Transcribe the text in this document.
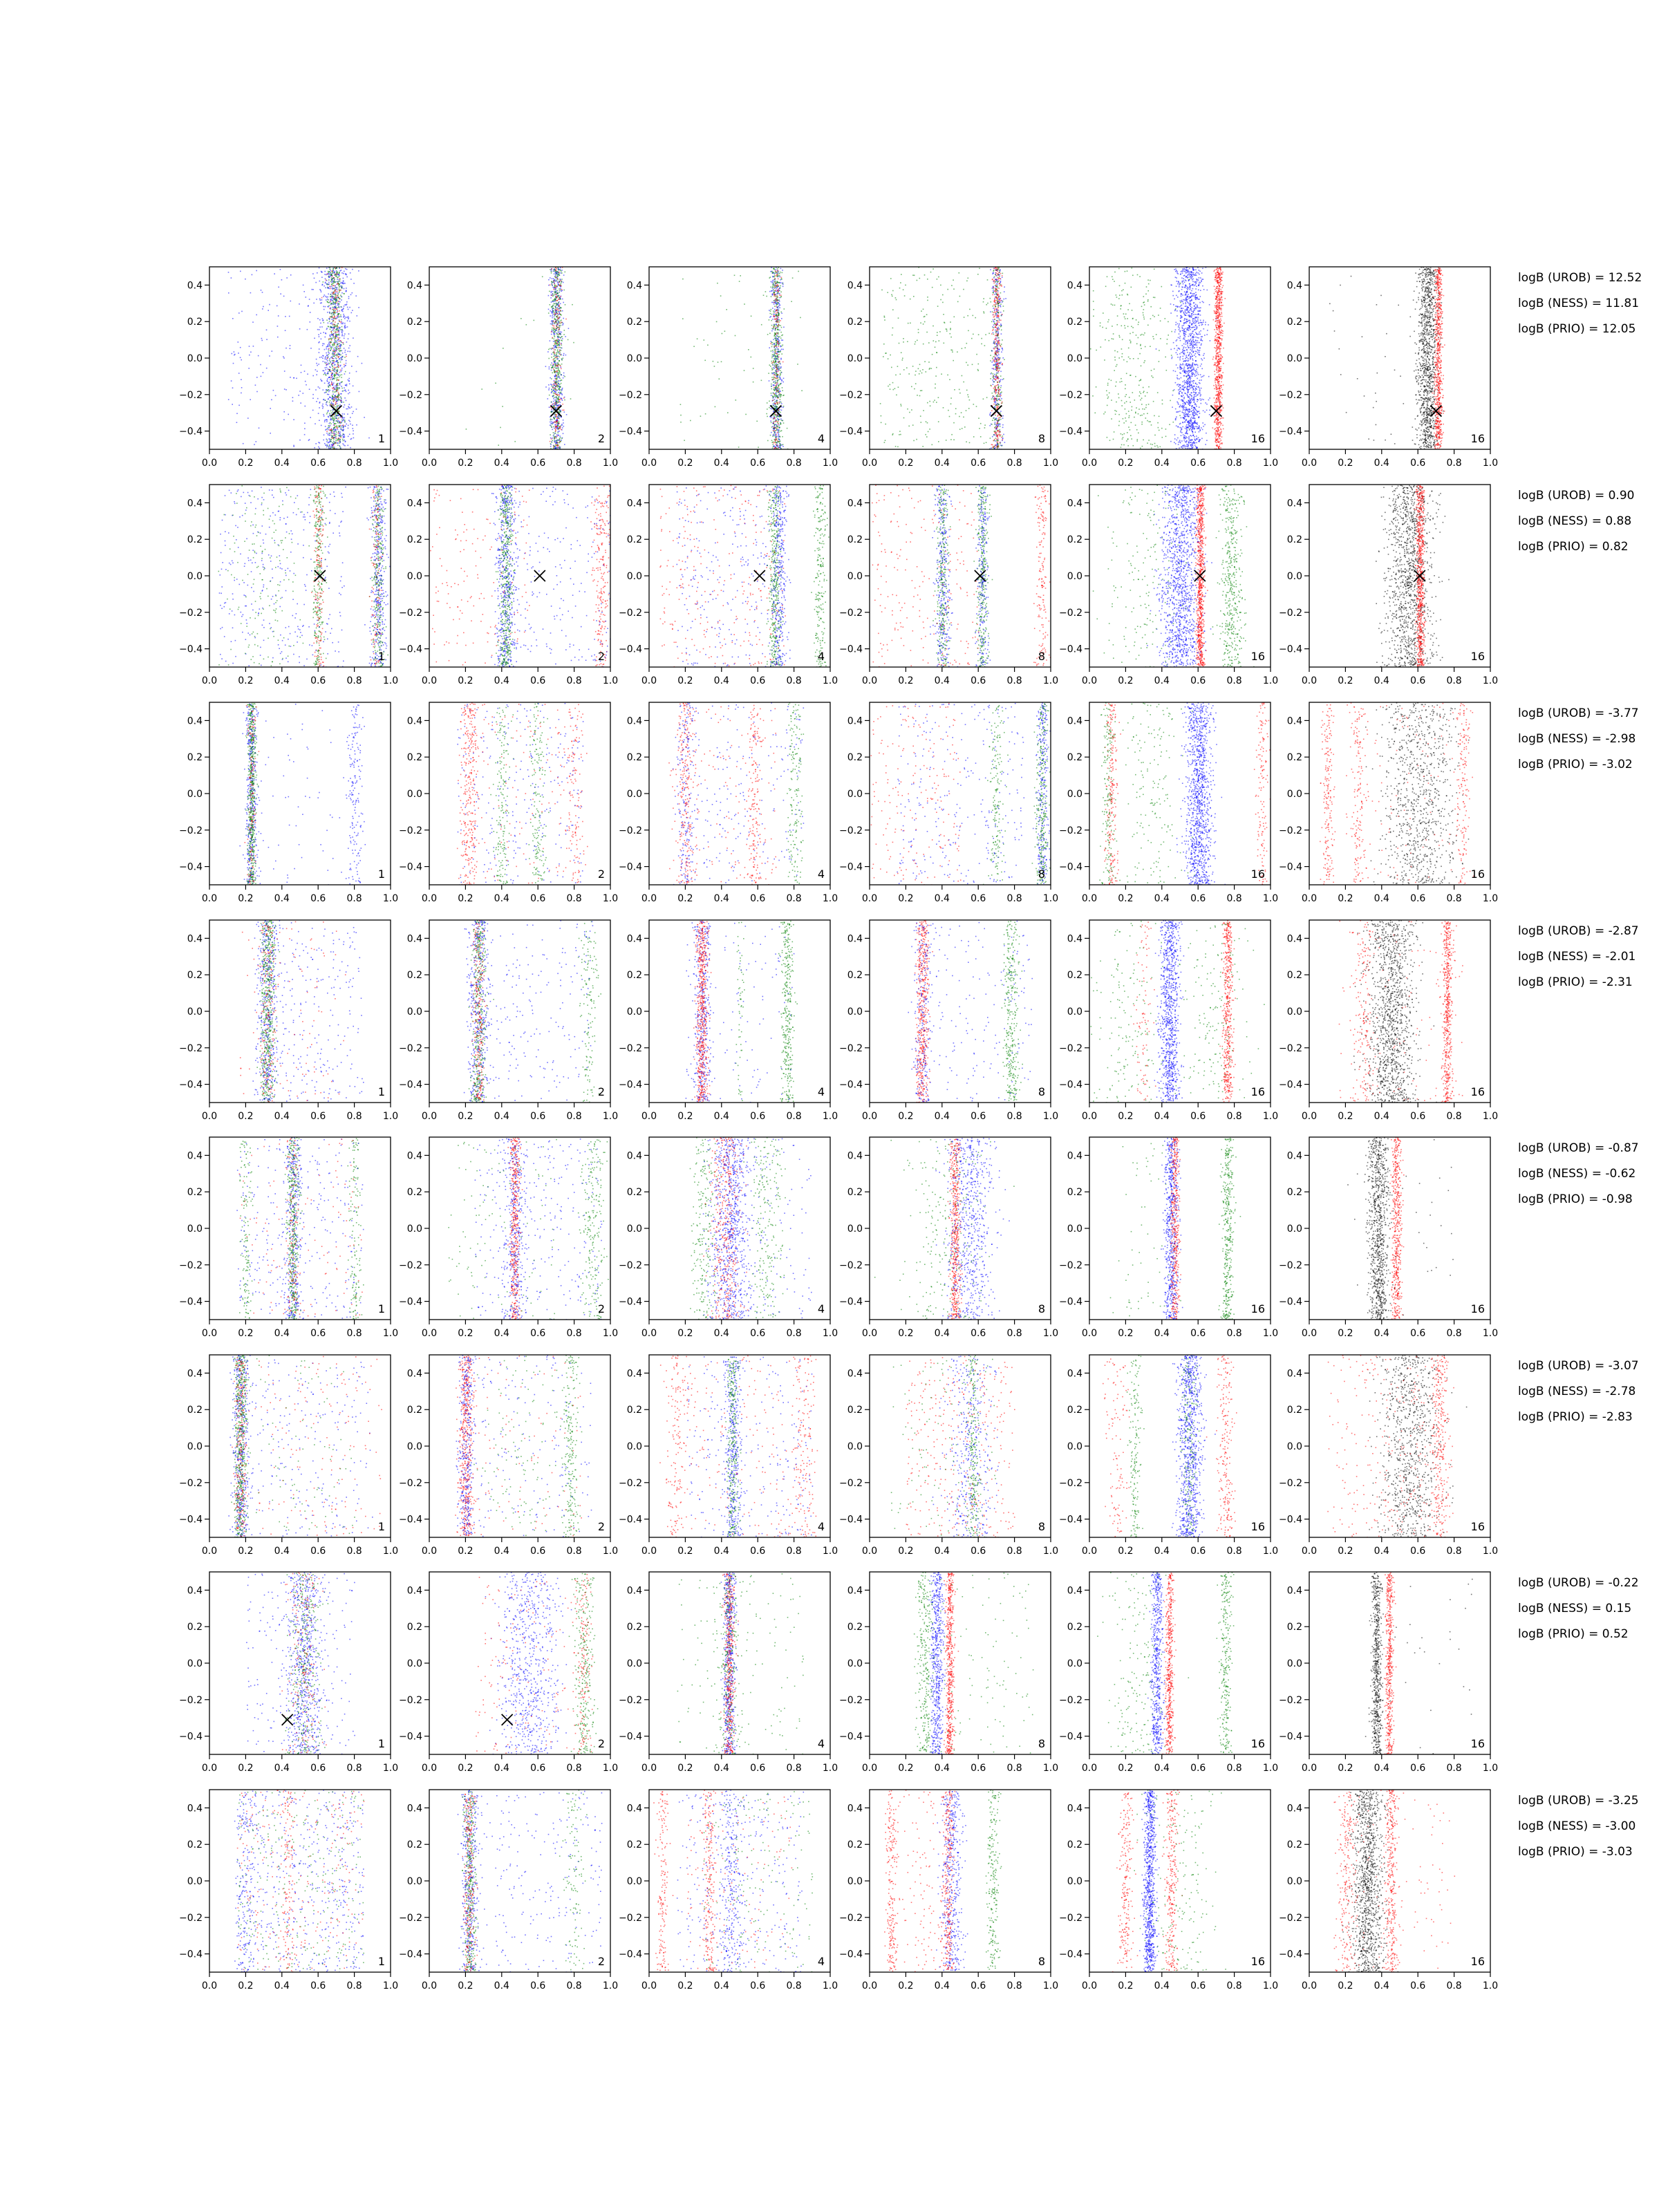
0.0 0.2 0.4 0.6 0.8 1.0
−0.4
−0.2
0.0
0.2
0.4
1
0.0 0.2 0.4 0.6 0.8 1.0
−0.4
−0.2
0.0
0.2
0.4
2
0.0 0.2 0.4 0.6 0.8 1.0
−0.4
−0.2
0.0
0.2
0.4
4
0.0 0.2 0.4 0.6 0.8 1.0
−0.4
−0.2
0.0
0.2
0.4
8
0.0 0.2 0.4 0.6 0.8 1.0
−0.4
−0.2
0.0
0.2
0.4
16
0.0 0.2 0.4 0.6 0.8 1.0
−0.4
−0.2
0.0
0.2
0.4
16
0.0 0.2 0.4 0.6 0.8 1.0
−0.4
−0.2
0.0
0.2
0.4
1
0.0 0.2 0.4 0.6 0.8 1.0
−0.4
−0.2
0.0
0.2
0.4
2
0.0 0.2 0.4 0.6 0.8 1.0
−0.4
−0.2
0.0
0.2
0.4
4
0.0 0.2 0.4 0.6 0.8 1.0
−0.4
−0.2
0.0
0.2
0.4
8
0.0 0.2 0.4 0.6 0.8 1.0
−0.4
−0.2
0.0
0.2
0.4
16
0.0 0.2 0.4 0.6 0.8 1.0
−0.4
−0.2
0.0
0.2
0.4
16
0.0 0.2 0.4 0.6 0.8 1.0
−0.4
−0.2
0.0
0.2
0.4
1
0.0 0.2 0.4 0.6 0.8 1.0
−0.4
−0.2
0.0
0.2
0.4
2
0.0 0.2 0.4 0.6 0.8 1.0
−0.4
−0.2
0.0
0.2
0.4
4
0.0 0.2 0.4 0.6 0.8 1.0
−0.4
−0.2
0.0
0.2
0.4
8
0.0 0.2 0.4 0.6 0.8 1.0
−0.4
−0.2
0.0
0.2
0.4
16
0.0 0.2 0.4 0.6 0.8 1.0
−0.4
−0.2
0.0
0.2
0.4
16
0.0 0.2 0.4 0.6 0.8 1.0
−0.4
−0.2
0.0
0.2
0.4
1
0.0 0.2 0.4 0.6 0.8 1.0
−0.4
−0.2
0.0
0.2
0.4
2
0.0 0.2 0.4 0.6 0.8 1.0
−0.4
−0.2
0.0
0.2
0.4
4
0.0 0.2 0.4 0.6 0.8 1.0
−0.4
−0.2
0.0
0.2
0.4
8
0.0 0.2 0.4 0.6 0.8 1.0
−0.4
−0.2
0.0
0.2
0.4
16
0.0 0.2 0.4 0.6 0.8 1.0
−0.4
−0.2
0.0
0.2
0.4
16
0.0 0.2 0.4 0.6 0.8 1.0
−0.4
−0.2
0.0
0.2
0.4
1
0.0 0.2 0.4 0.6 0.8 1.0
−0.4
−0.2
0.0
0.2
0.4
2
0.0 0.2 0.4 0.6 0.8 1.0
−0.4
−0.2
0.0
0.2
0.4
4
0.0 0.2 0.4 0.6 0.8 1.0
−0.4
−0.2
0.0
0.2
0.4
8
0.0 0.2 0.4 0.6 0.8 1.0
−0.4
−0.2
0.0
0.2
0.4
16
0.0 0.2 0.4 0.6 0.8 1.0
−0.4
−0.2
0.0
0.2
0.4
16
0.0 0.2 0.4 0.6 0.8 1.0
−0.4
−0.2
0.0
0.2
0.4
1
0.0 0.2 0.4 0.6 0.8 1.0
−0.4
−0.2
0.0
0.2
0.4
2
0.0 0.2 0.4 0.6 0.8 1.0
−0.4
−0.2
0.0
0.2
0.4
4
0.0 0.2 0.4 0.6 0.8 1.0
−0.4
−0.2
0.0
0.2
0.4
8
0.0 0.2 0.4 0.6 0.8 1.0
−0.4
−0.2
0.0
0.2
0.4
16
0.0 0.2 0.4 0.6 0.8 1.0
−0.4
−0.2
0.0
0.2
0.4
16
0.0 0.2 0.4 0.6 0.8 1.0
−0.4
−0.2
0.0
0.2
0.4
1
0.0 0.2 0.4 0.6 0.8 1.0
−0.4
−0.2
0.0
0.2
0.4
2
0.0 0.2 0.4 0.6 0.8 1.0
−0.4
−0.2
0.0
0.2
0.4
4
0.0 0.2 0.4 0.6 0.8 1.0
−0.4
−0.2
0.0
0.2
0.4
8
0.0 0.2 0.4 0.6 0.8 1.0
−0.4
−0.2
0.0
0.2
0.4
16
0.0 0.2 0.4 0.6 0.8 1.0
−0.4
−0.2
0.0
0.2
0.4
16
0.0 0.2 0.4 0.6 0.8 1.0
−0.4
−0.2
0.0
0.2
0.4
1
0.0 0.2 0.4 0.6 0.8 1.0
−0.4
−0.2
0.0
0.2
0.4
2
0.0 0.2 0.4 0.6 0.8 1.0
−0.4
−0.2
0.0
0.2
0.4
4
0.0 0.2 0.4 0.6 0.8 1.0
−0.4
−0.2
0.0
0.2
0.4
8
0.0 0.2 0.4 0.6 0.8 1.0
−0.4
−0.2
0.0
0.2
0.4
16
0.0 0.2 0.4 0.6 0.8 1.0
−0.4
−0.2
0.0
0.2
0.4
16
logB (UROB) = 12.52
logB (NESS) = 11.81
logB (PRIO) = 12.05
logB (UROB) = 0.90
logB (NESS) = 0.88
logB (PRIO) = 0.82
logB (UROB) = -3.77
logB (NESS) = -2.98
logB (PRIO) = -3.02
logB (UROB) = -2.87
logB (NESS) = -2.01
logB (PRIO) = -2.31
logB (UROB) = -0.87
logB (NESS) = -0.62
logB (PRIO) = -0.98
logB (UROB) = -3.07
logB (NESS) = -2.78
logB (PRIO) = -2.83
logB (UROB) = -0.22
logB (NESS) = 0.15
logB (PRIO) = 0.52
logB (UROB) = -3.25
logB (NESS) = -3.00
logB (PRIO) = -3.03
